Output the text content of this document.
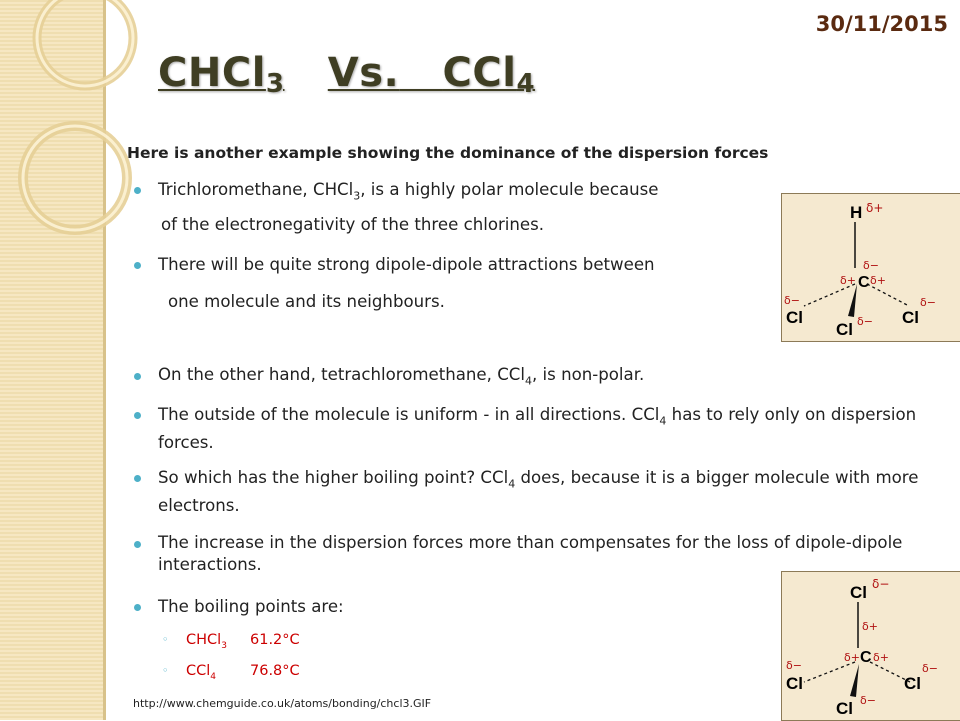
30/11/2015
CHCl$_3$ Vs. CCl$_4$
Here is another example showing the dominance of the dispersion forces
Trichloromethane, CHCl$_3$, is a highly polar molecule because
of the electronegativity of the three chlorines.
There will be quite strong dipole-dipole attractions between
one molecule and its neighbours.
On the other hand, tetrachloromethane, CCl$_4$, is non-polar.
The outside of the molecule is uniform - in all directions. CCl$_4$ has to rely only on dispersion forces.
So which has the higher boiling point? CCl$_4$ does, because it is a bigger molecule with more electrons.
The increase in the dispersion forces more than compensates for the loss of dipole-dipole interactions.
The boiling points are:
◦ CHCl$_3$ 61.2°C
◦ CCl$_4$ 76.8°C
http://www.chemguide.co.uk/atoms/bonding/chcl3.GIF
H δ+
C
δ−
δ+ δ+
Cl
δ−
Cl
δ−
Cl δ−
Cl δ−
δ+
C
δ+ δ+
Cl
δ−
Cl
δ−
Cl δ−
